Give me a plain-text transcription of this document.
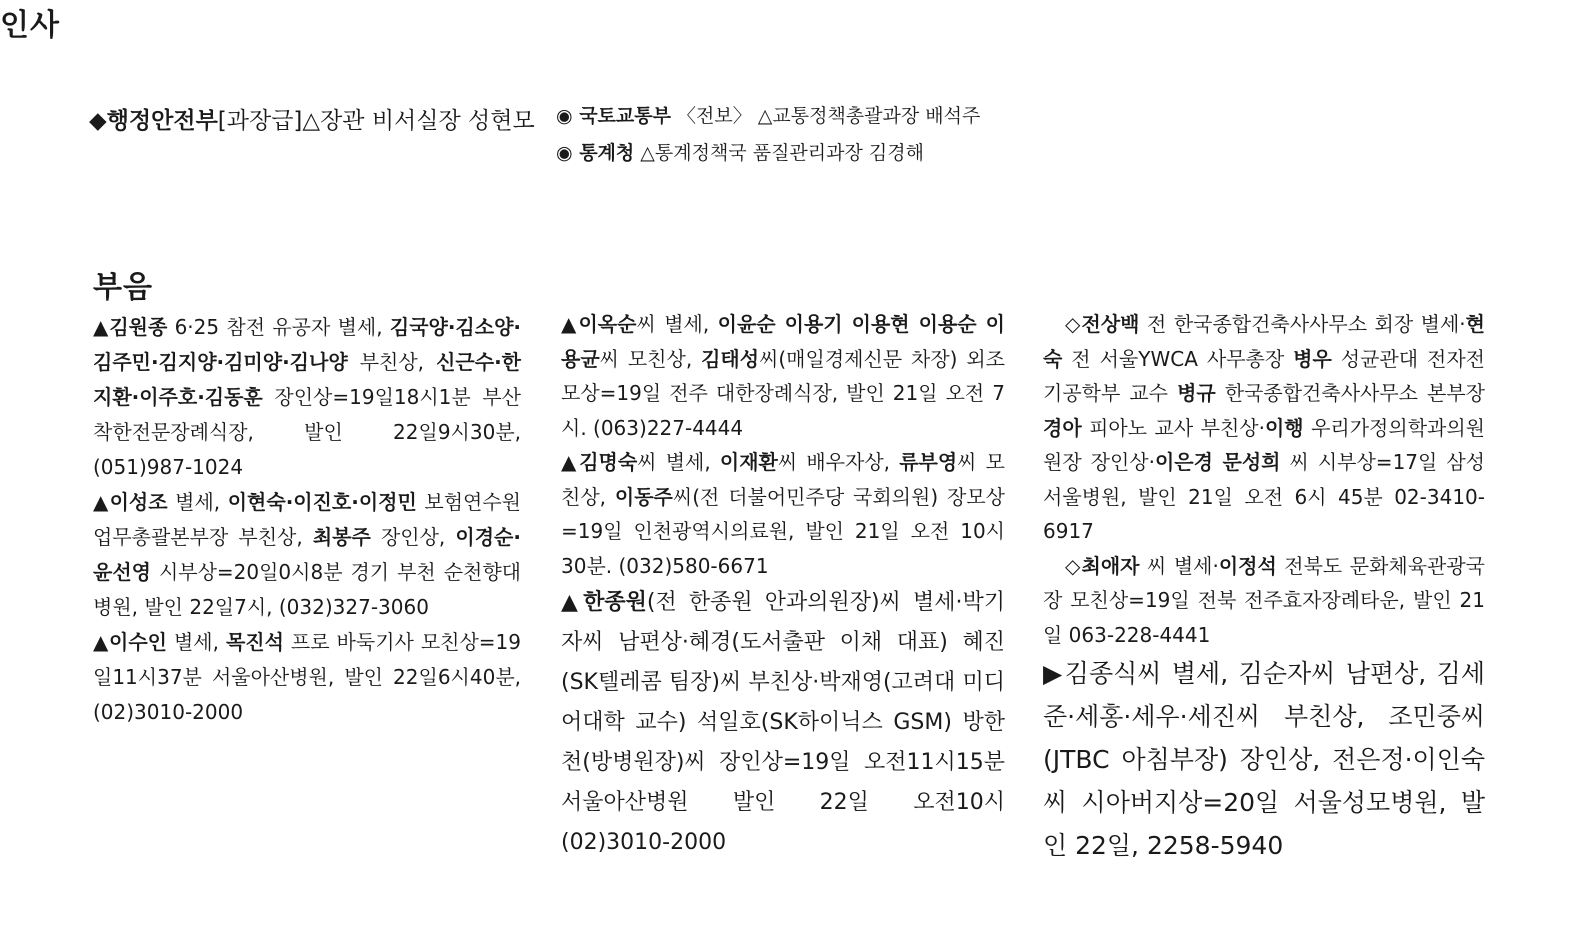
인사

◆행정안전부[과장급]△장관 비서실장 성현모 ◉ 국토교통부 〈전보〉 △교통정책총괄과장 배석주

◉ 통계청 △통계정책국 품질관리과장 김경해

부음

▲김원종 6·25 참전 유공자 별세, 김국양·김소양·김주민·김지양·김미양·김나양 부친상, 신근수·한지환·이주호·김동훈 장인상=19일18시1분 부산 착한전문장례식장, 발인 22일9시30분, (051)987-1024

▲이성조 별세, 이현숙·이진호·이정민 보험연수원 업무총괄본부장 부친상, 최봉주 장인상, 이경순·윤선영 시부상=20일0시8분 경기 부천 순천향대병원, 발인 22일7시, (032)327-3060

▲이수인 별세, 목진석 프로 바둑기사 모친상=19일11시37분 서울아산병원, 발인 22일6시40분, (02)3010-2000

▲이옥순씨 별세, 이윤순 이용기 이용현 이용순 이용균씨 모친상, 김태성씨(매일경제신문 차장) 외조모상=19일 전주 대한장례식장, 발인 21일 오전 7시. (063)227-4444

▲김명숙씨 별세, 이재환씨 배우자상, 류부영씨 모친상, 이동주씨(전 더불어민주당 국회의원) 장모상=19일 인천광역시의료원, 발인 21일 오전 10시 30분. (032)580-6671

▲한종원(전 한종원 안과의원장)씨 별세·박기자씨 남편상·혜경(도서출판 이채 대표) 혜진(SK텔레콤 팀장)씨 부친상·박재영(고려대 미디어대학 교수) 석일호(SK하이닉스 GSM) 방한천(방병원장)씨 장인상=19일 오전11시15분 서울아산병원 발인 22일 오전10시 (02)3010-2000

◇전상백 전 한국종합건축사사무소 회장 별세·현숙 전 서울YWCA 사무총장 병우 성균관대 전자전기공학부 교수 병규 한국종합건축사사무소 본부장 경아 피아노 교사 부친상·이행 우리가정의학과의원 원장 장인상·이은경 문성희 씨 시부상=17일 삼성서울병원, 발인 21일 오전 6시 45분 02-3410-6917

◇최애자 씨 별세·이정석 전북도 문화체육관광국장 모친상=19일 전북 전주효자장례타운, 발인 21일 063-228-4441

▶김종식씨 별세, 김순자씨 남편상, 김세준·세홍·세우·세진씨 부친상, 조민중씨(JTBC 아침부장) 장인상, 전은정·이인숙씨 시아버지상=20일 서울성모병원, 발인 22일, 2258-5940
